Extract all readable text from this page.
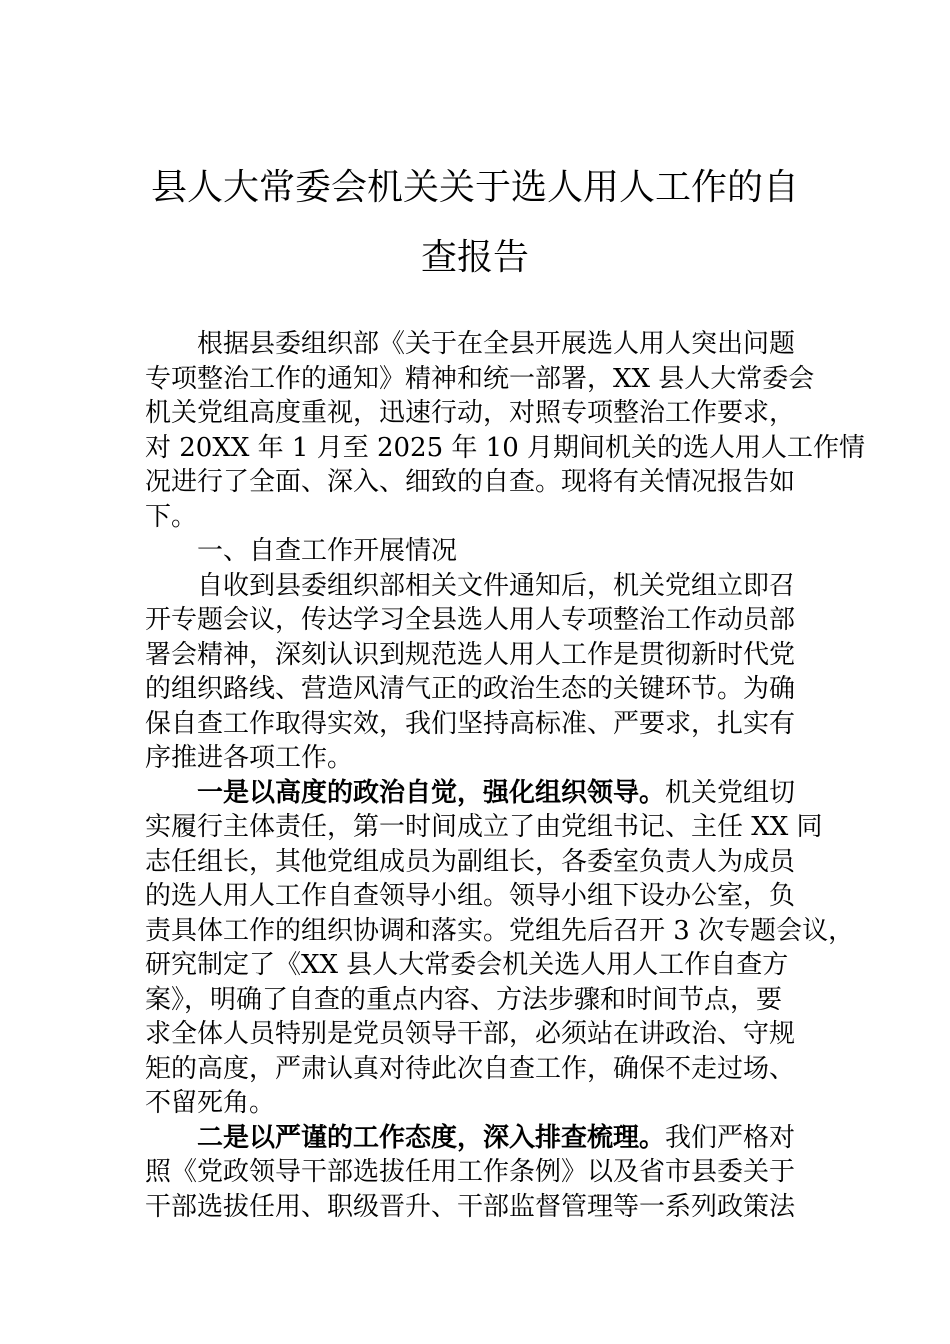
县人大常委会机关关于选人用人工作的自
查报告
根据县委组织部《关于在全县开展选人用人突出问题
专项整治工作的通知》精神和统一部署，XX 县人大常委会
机关党组高度重视，迅速行动，对照专项整治工作要求，
对 20XX 年 1 月至 2025 年 10 月期间机关的选人用人工作情
况进行了全面、深入、细致的自查。现将有关情况报告如
下。
一、自查工作开展情况
自收到县委组织部相关文件通知后，机关党组立即召
开专题会议，传达学习全县选人用人专项整治工作动员部
署会精神，深刻认识到规范选人用人工作是贯彻新时代党
的组织路线、营造风清气正的政治生态的关键环节。为确
保自查工作取得实效，我们坚持高标准、严要求，扎实有
序推进各项工作。
一是以高度的政治自觉，强化组织领导。机关党组切
实履行主体责任，第一时间成立了由党组书记、主任 XX 同
志任组长，其他党组成员为副组长，各委室负责人为成员
的选人用人工作自查领导小组。领导小组下设办公室，负
责具体工作的组织协调和落实。党组先后召开 3 次专题会议，
研究制定了《XX 县人大常委会机关选人用人工作自查方
案》，明确了自查的重点内容、方法步骤和时间节点，要
求全体人员特别是党员领导干部，必须站在讲政治、守规
矩的高度，严肃认真对待此次自查工作，确保不走过场、
不留死角。
二是以严谨的工作态度，深入排查梳理。我们严格对
照《党政领导干部选拔任用工作条例》以及省市县委关于
干部选拔任用、职级晋升、干部监督管理等一系列政策法
